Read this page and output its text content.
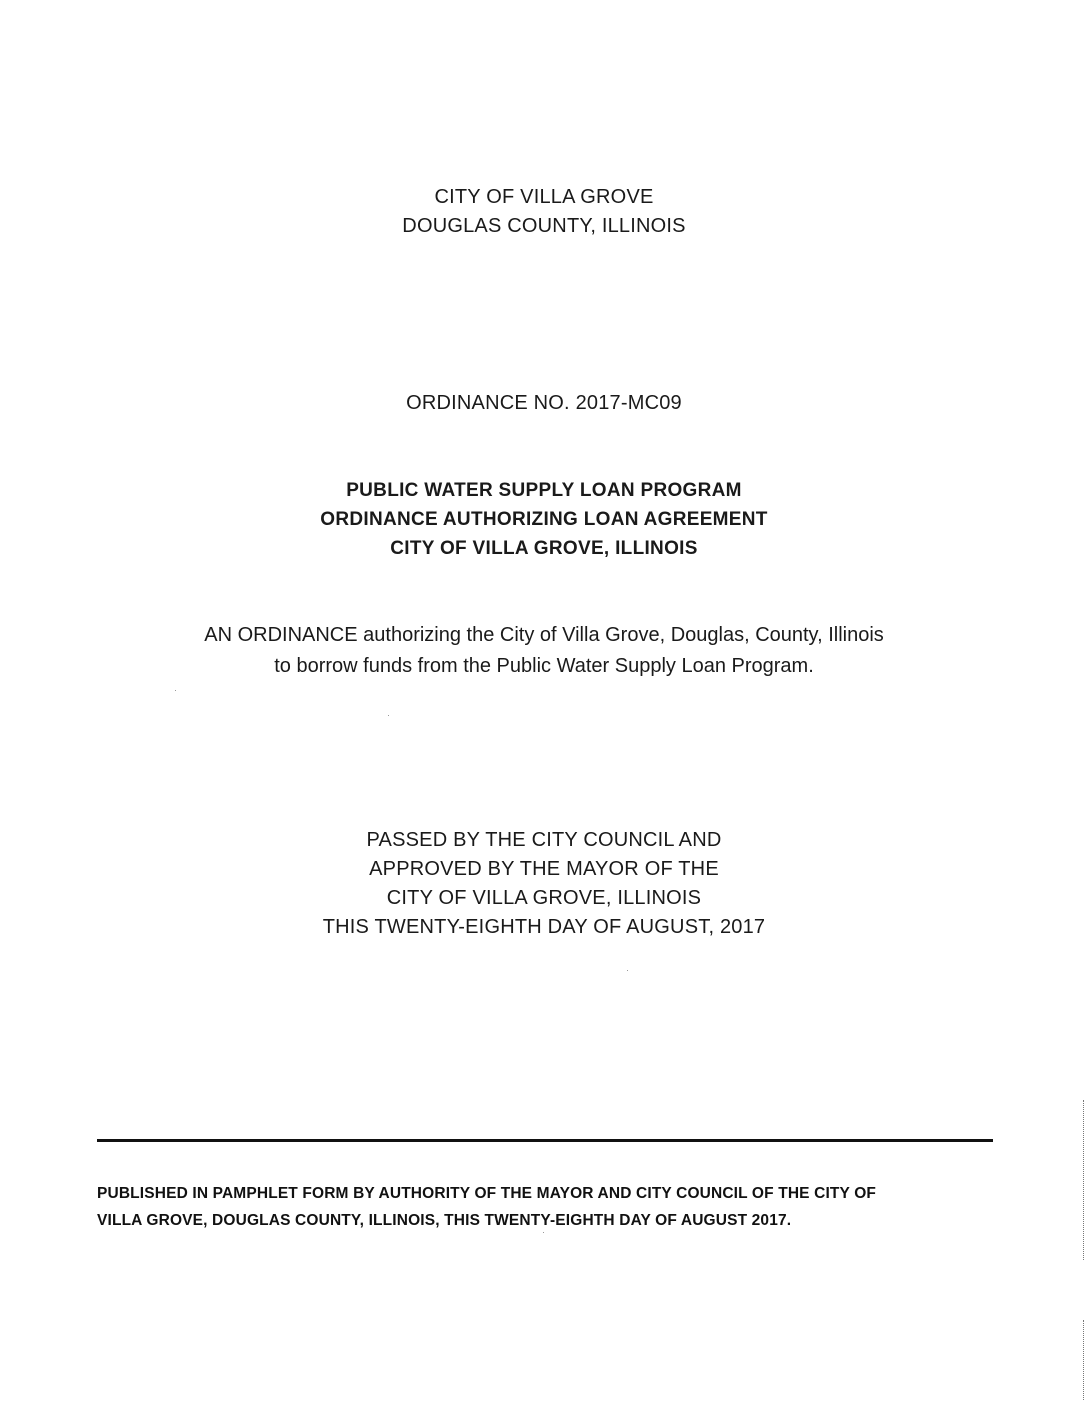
CITY OF VILLA GROVE
DOUGLAS COUNTY, ILLINOIS
ORDINANCE NO. 2017-MC09
PUBLIC WATER SUPPLY LOAN PROGRAM
ORDINANCE AUTHORIZING LOAN AGREEMENT
CITY OF VILLA GROVE, ILLINOIS
AN ORDINANCE authorizing the City of Villa Grove, Douglas, County, Illinois
to borrow funds from the Public Water Supply Loan Program.
PASSED BY THE CITY COUNCIL AND
APPROVED BY THE MAYOR OF THE
CITY OF VILLA GROVE, ILLINOIS
THIS TWENTY-EIGHTH DAY OF AUGUST, 2017
PUBLISHED IN PAMPHLET FORM BY AUTHORITY OF THE MAYOR AND CITY COUNCIL OF THE CITY OF
VILLA GROVE, DOUGLAS COUNTY, ILLINOIS, THIS TWENTY-EIGHTH DAY OF AUGUST 2017.
